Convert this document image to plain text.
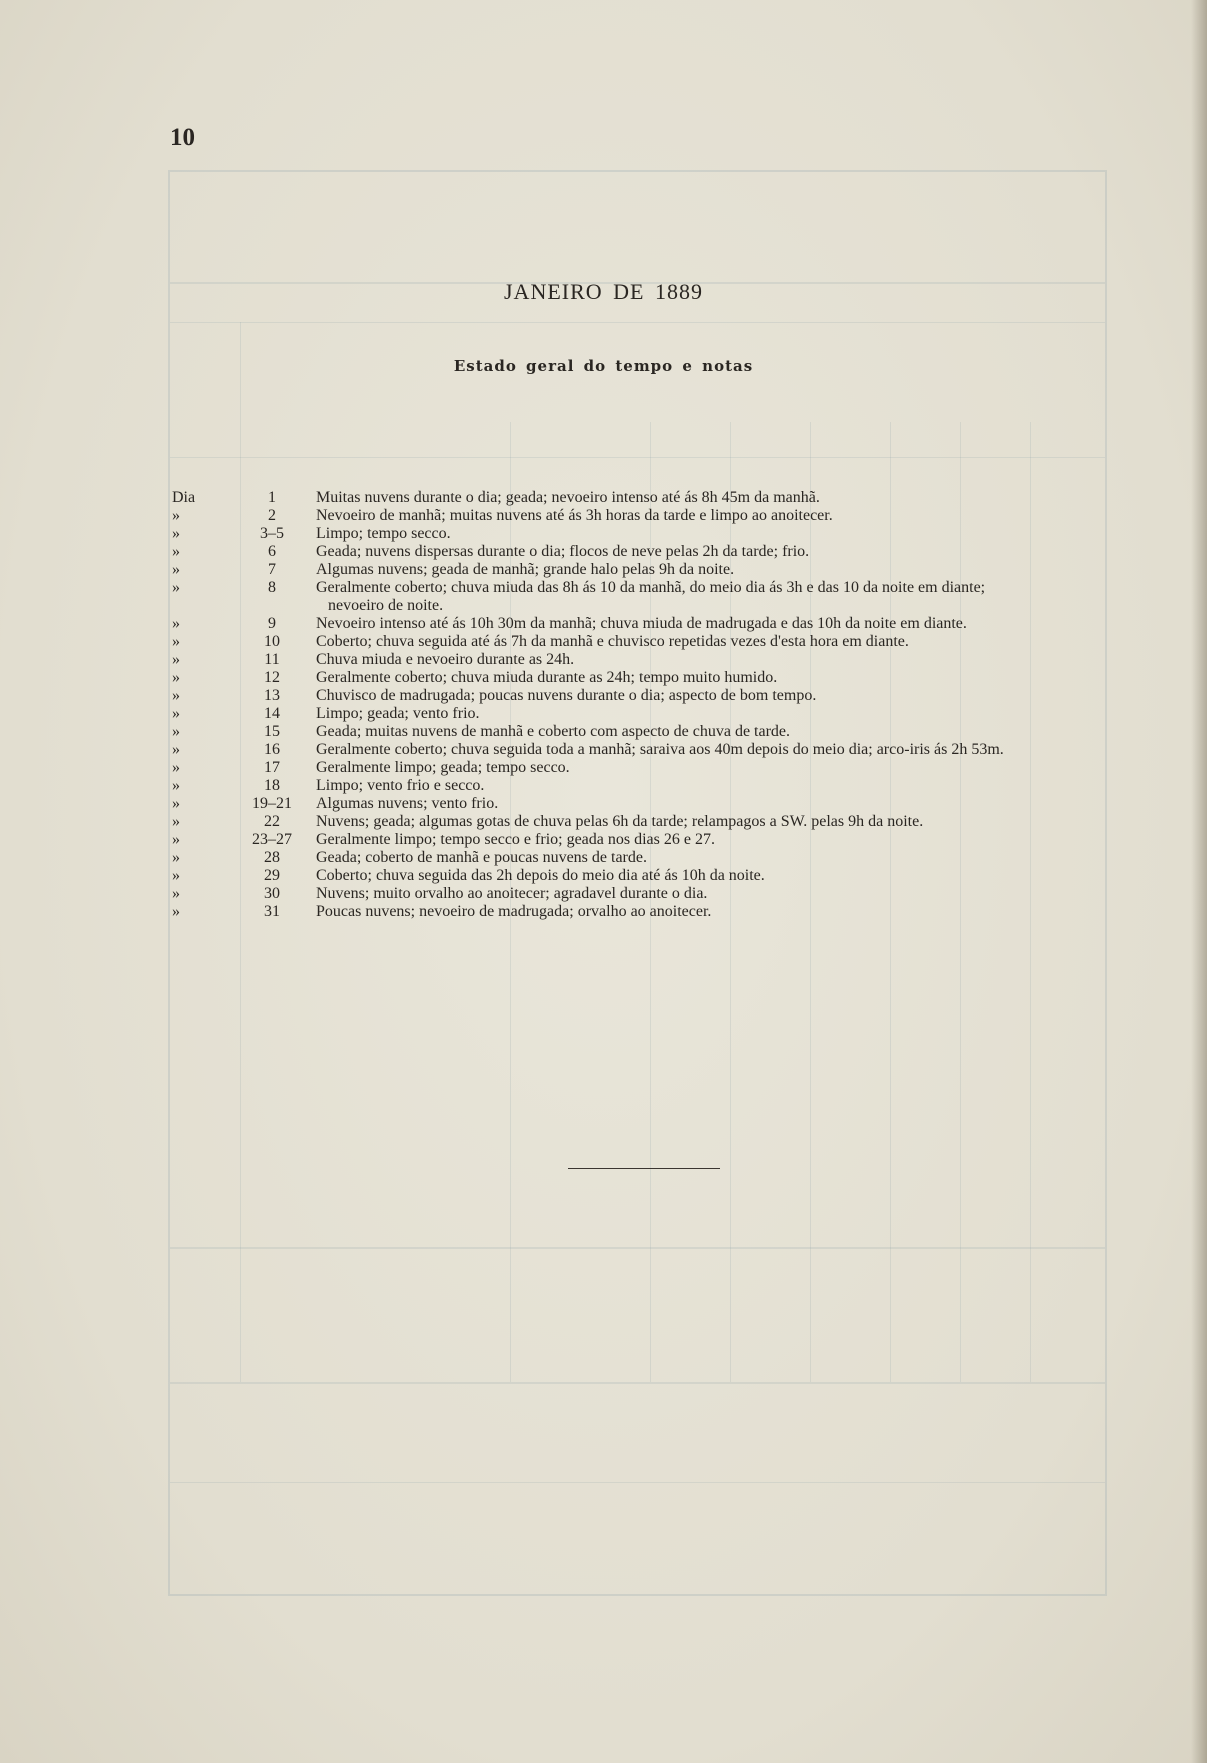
10
JANEIRO DE 1889
Estado geral do tempo e notas
Dia	1	Muitas nuvens durante o dia; geada; nevoeiro intenso até ás 8h 45m da manhã.
»	2	Nevoeiro de manhã; muitas nuvens até ás 3h horas da tarde e limpo ao anoitecer.
»	3–5	Limpo; tempo secco.
»	6	Geada; nuvens dispersas durante o dia; flocos de neve pelas 2h da tarde; frio.
»	7	Algumas nuvens; geada de manhã; grande halo pelas 9h da noite.
»	8	Geralmente coberto; chuva miuda das 8h ás 10 da manhã, do meio dia ás 3h e das 10 da noite em diante;
nevoeiro de noite.
»	9	Nevoeiro intenso até ás 10h 30m da manhã; chuva miuda de madrugada e das 10h da noite em diante.
»	10	Coberto; chuva seguida até ás 7h da manhã e chuvisco repetidas vezes d'esta hora em diante.
»	11	Chuva miuda e nevoeiro durante as 24h.
»	12	Geralmente coberto; chuva miuda durante as 24h; tempo muito humido.
»	13	Chuvisco de madrugada; poucas nuvens durante o dia; aspecto de bom tempo.
»	14	Limpo; geada; vento frio.
»	15	Geada; muitas nuvens de manhã e coberto com aspecto de chuva de tarde.
»	16	Geralmente coberto; chuva seguida toda a manhã; saraiva aos 40m depois do meio dia; arco-iris ás 2h 53m.
»	17	Geralmente limpo; geada; tempo secco.
»	18	Limpo; vento frio e secco.
»	19–21	Algumas nuvens; vento frio.
»	22	Nuvens; geada; algumas gotas de chuva pelas 6h da tarde; relampagos a SW. pelas 9h da noite.
»	23–27	Geralmente limpo; tempo secco e frio; geada nos dias 26 e 27.
»	28	Geada; coberto de manhã e poucas nuvens de tarde.
»	29	Coberto; chuva seguida das 2h depois do meio dia até ás 10h da noite.
»	30	Nuvens; muito orvalho ao anoitecer; agradavel durante o dia.
»	31	Poucas nuvens; nevoeiro de madrugada; orvalho ao anoitecer.
